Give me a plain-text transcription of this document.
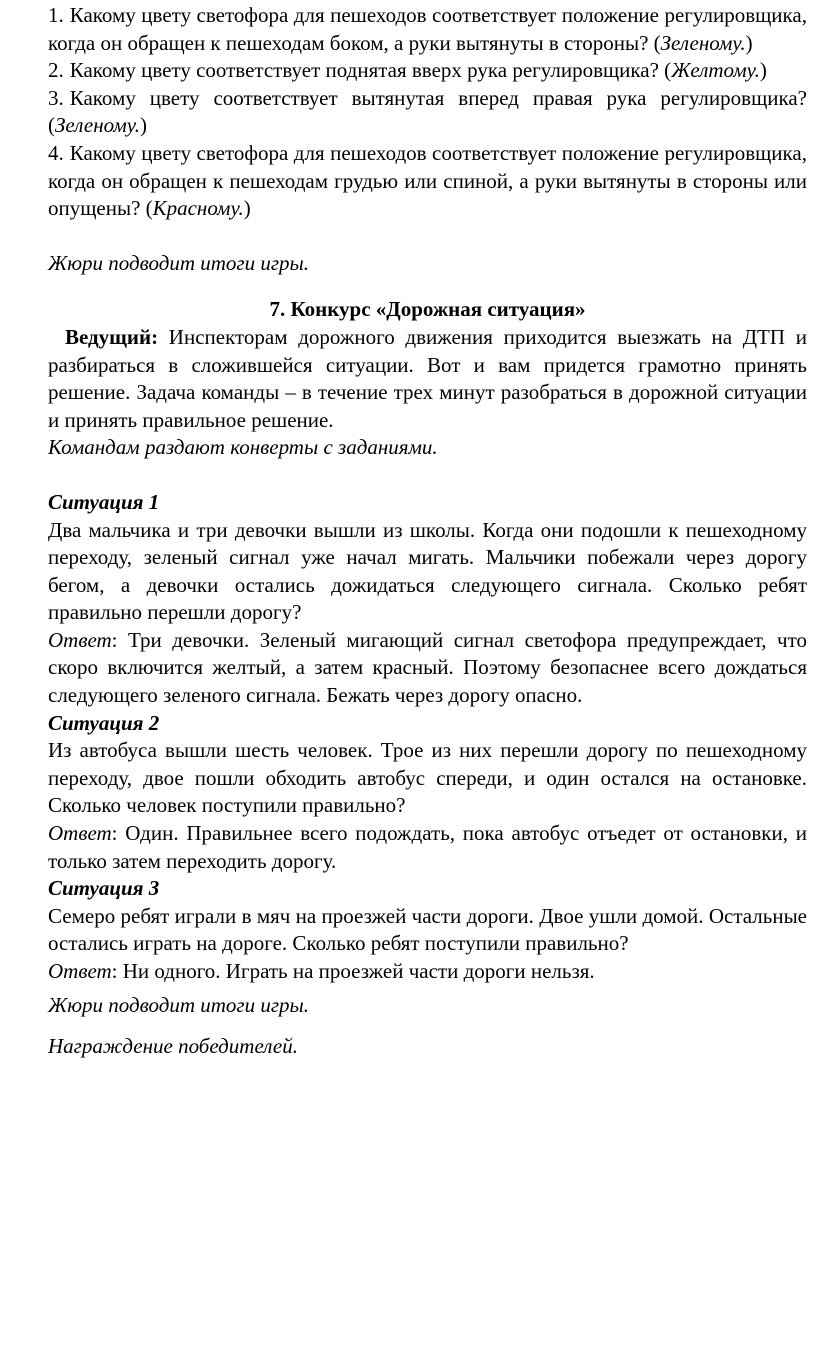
1. Какому цвету светофора для пешеходов соответствует положение регулировщика, когда он обращен к пешеходам боком, а руки вытянуты в стороны? (Зеленому.)
2. Какому цвету соответствует поднятая вверх рука регулировщика? (Желтому.)
3. Какому цвету соответствует вытянутая вперед правая рука регулировщика? (Зеленому.)
4. Какому цвету светофора для пешеходов соответствует положение регулировщика, когда он обращен к пешеходам грудью или спиной, а руки вытянуты в стороны или опущены? (Красному.)
Жюри подводит итоги игры.
7. Конкурс «Дорожная ситуация»
Ведущий: Инспекторам дорожного движения приходится выезжать на ДТП и разбираться в сложившейся ситуации. Вот и вам придется грамотно принять решение. Задача команды – в течение трех минут разобраться в дорожной ситуации и принять правильное решение.
Командам раздают конверты с заданиями.
Ситуация 1
Два мальчика и три девочки вышли из школы. Когда они подошли к пешеходному переходу, зеленый сигнал уже начал мигать. Мальчики побежали через дорогу бегом, а девочки остались дожидаться следующего сигнала. Сколько ребят правильно перешли дорогу?
Ответ: Три девочки. Зеленый мигающий сигнал светофора предупреждает, что скоро включится желтый, а затем красный. Поэтому безопаснее всего дождаться следующего зеленого сигнала. Бежать через дорогу опасно.
Ситуация 2
Из автобуса вышли шесть человек. Трое из них перешли дорогу по пешеходному переходу, двое пошли обходить автобус спереди, и один остался на остановке. Сколько человек поступили правильно?
Ответ: Один. Правильнее всего подождать, пока автобус отъедет от остановки, и только затем переходить дорогу.
Ситуация 3
Семеро ребят играли в мяч на проезжей части дороги. Двое ушли домой. Остальные остались играть на дороге. Сколько ребят поступили правильно?
Ответ: Ни одного. Играть на проезжей части дороги нельзя.
Жюри подводит итоги игры.
Награждение победителей.
